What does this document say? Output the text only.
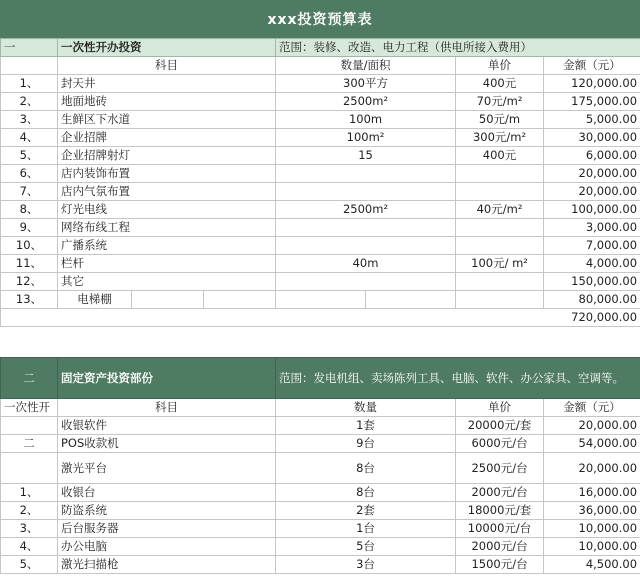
xxx投资预算表
一	一次性开办投资			范围：装修、改造、电力工程（供电所接入费用）			
	科目			数量/面积		单价	金额（元）
1、	封天井			300平方		400元	120,000.00
2、	地面地砖			2500m²		70元/m²	175,000.00
3、	生鲜区下水道			100m		50元/m	5,000.00
4、	企业招牌			100m²		300元/m²	30,000.00
5、	企业招牌射灯			15		400元	6,000.00
6、	店内装饰布置						20,000.00
7、	店内气氛布置						20,000.00
8、	灯光电线			2500m²		40元/m²	100,000.00
9、	网络布线工程						3,000.00
10、	广播系统						7,000.00
11、	栏杆			40m		100元/ m²	4,000.00
12、	其它						150,000.00
13、	电梯棚						80,000.00
							720,000.00

二	固定资产投资部份			范围：发电机组、卖场陈列工具、电脑、软件、办公家具、空调等。			
一次性开	科目			数量		单价	金额（元）
	收银软件			1套		20000元/套	20,000.00
二	POS收款机			9台		6000元/台	54,000.00
	激光平台			8台		2500元/台	20,000.00
1、	收银台			8台		2000元/台	16,000.00
2、	防盗系统			2套		18000元/套	36,000.00
3、	后台服务器			1台		10000元/台	10,000.00
4、	办公电脑			5台		2000元/台	10,000.00
5、	激光扫描枪			3台		1500元/台	4,500.00
